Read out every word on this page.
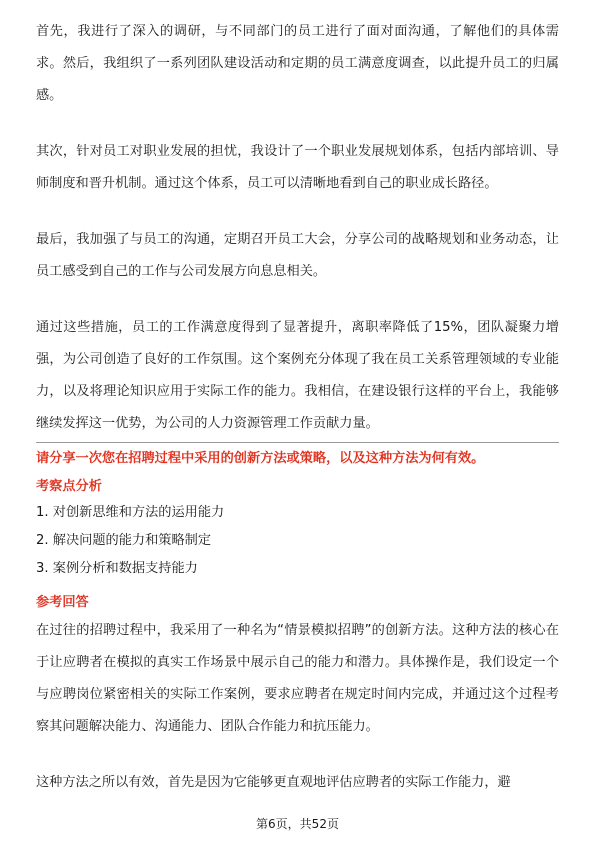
首先，我进行了深入的调研，与不同部门的员工进行了面对面沟通，了解他们的具体需求。然后，我组织了一系列团队建设活动和定期的员工满意度调查，以此提升员工的归属感。

其次，针对员工对职业发展的担忧，我设计了一个职业发展规划体系，包括内部培训、导师制度和晋升机制。通过这个体系，员工可以清晰地看到自己的职业成长路径。

最后，我加强了与员工的沟通，定期召开员工大会，分享公司的战略规划和业务动态，让员工感受到自己的工作与公司发展方向息息相关。

通过这些措施，员工的工作满意度得到了显著提升，离职率降低了15%，团队凝聚力增强，为公司创造了良好的工作氛围。这个案例充分体现了我在员工关系管理领域的专业能力，以及将理论知识应用于实际工作的能力。我相信，在建设银行这样的平台上，我能够继续发挥这一优势，为公司的人力资源管理工作贡献力量。

请分享一次您在招聘过程中采用的创新方法或策略，以及这种方法为何有效。

考察点分析

1. 对创新思维和方法的运用能力

2. 解决问题的能力和策略制定

3. 案例分析和数据支持能力

参考回答

在过往的招聘过程中，我采用了一种名为“情景模拟招聘”的创新方法。这种方法的核心在于让应聘者在模拟的真实工作场景中展示自己的能力和潜力。具体操作是，我们设定一个与应聘岗位紧密相关的实际工作案例，要求应聘者在规定时间内完成，并通过这个过程考察其问题解决能力、沟通能力、团队合作能力和抗压能力。

这种方法之所以有效，首先是因为它能够更直观地评估应聘者的实际工作能力，避

第6页，共52页
